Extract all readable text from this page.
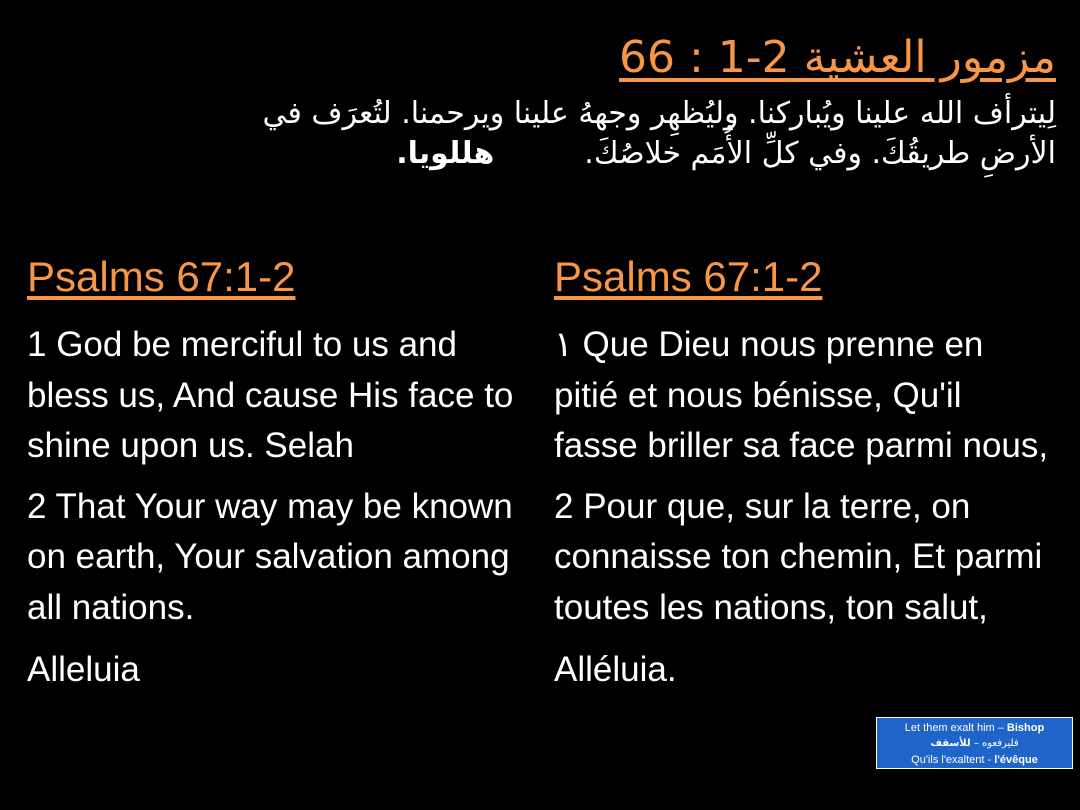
مزمور العشية 66 : 1-2
لِيترأف الله علينا ويُباركنا. وليُظهِر وجههُ علينا ويرحمنا. لتُعرَف في
الأرضِ طريقُكَ. وفي كلِّ الأُمَم خلاصُكَ.هللويا.
Psalms 67:1-2

1 God be merciful to us and bless us, And cause His face to shine upon us. Selah

2 That Your way may be known on earth, Your salvation among all nations.

Alleluia

Psalms 67:1-2

١ Que Dieu nous prenne en pitié et nous bénisse, Qu'il fasse briller sa face parmi nous,

2 Pour que, sur la terre, on connaisse ton chemin, Et parmi toutes les nations, ton salut,

Alléluia.

Let them exalt him – Bishop
فليرفعوه – للأسقف
Qu'ils l'exaltent - l'évêque
